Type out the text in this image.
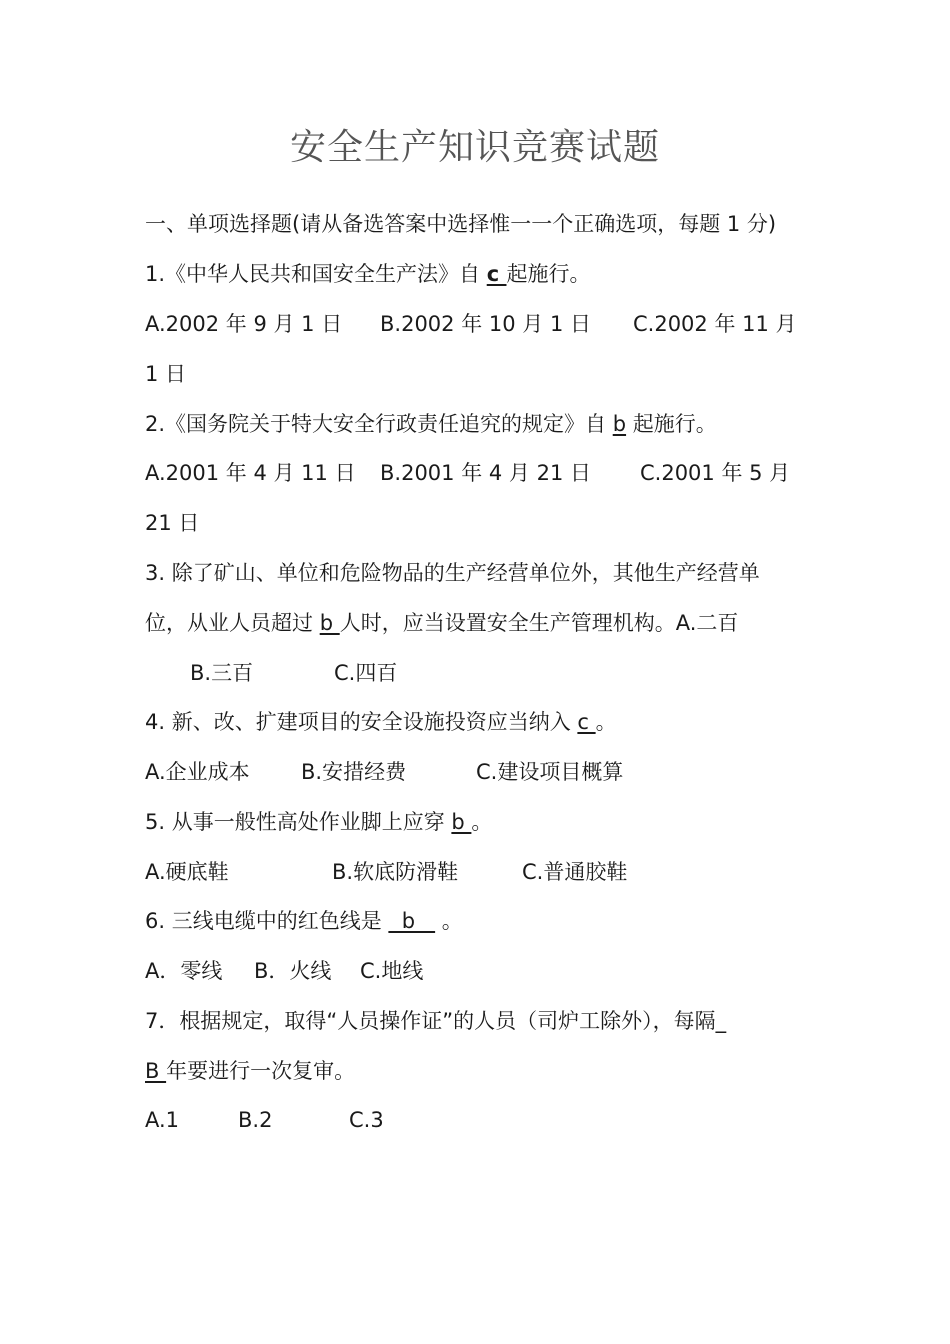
安全生产知识竞赛试题
一、单项选择题(请从备选答案中选择惟一一个正确选项，每题 1 分)
1.《中华人民共和国安全生产法》自 c 起施行。
A.2002 年 9 月 1 日 B.2002 年 10 月 1 日 C.2002 年 11 月
1 日
2.《国务院关于特大安全行政责任追究的规定》自 b 起施行。
A.2001 年 4 月 11 日 B.2001 年 4 月 21 日 C.2001 年 5 月
21 日
3. 除了矿山、单位和危险物品的生产经营单位外，其他生产经营单
位，从业人员超过 b 人时，应当设置安全生产管理机构。A.二百
B.三百	C.四百
4. 新、改、扩建项目的安全设施投资应当纳入 c 。
A.企业成本 B.安措经费	C.建设项目概算
5. 从事一般性高处作业脚上应穿 b 。
A.硬底鞋	B.软底防滑鞋	C.普通胶鞋
6. 三线电缆中的红色线是   b    。
A．零线 B．火线 C.地线
7．根据规定，取得“人员操作证”的人员（司炉工除外），每隔_
B 年要进行一次复审。
A.1	B.2	C.3
